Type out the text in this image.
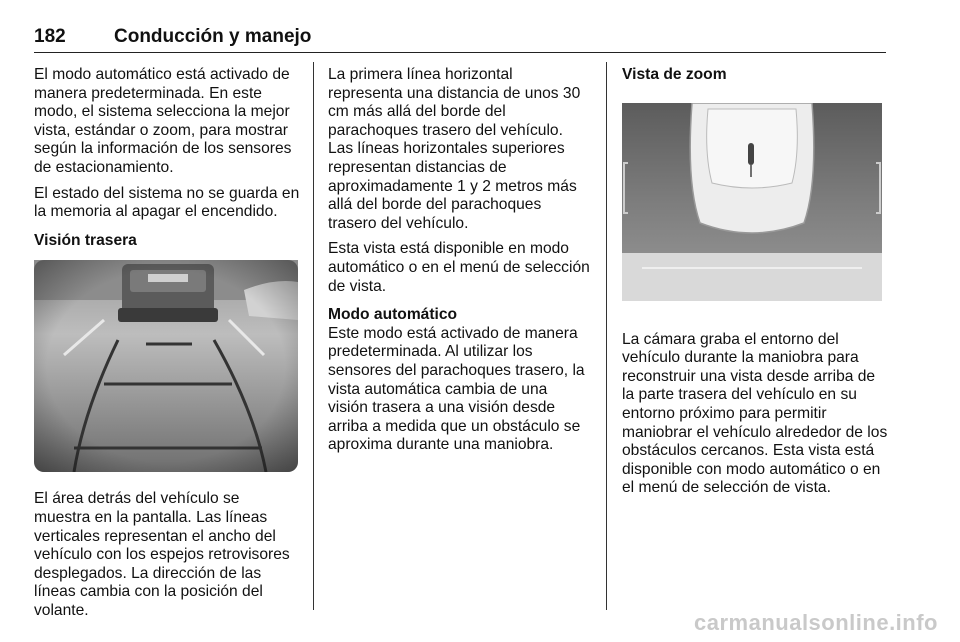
182	Conducción y manejo

El modo automático está activado de manera predeterminada. En este modo, el sistema selecciona la mejor vista, estándar o zoom, para mostrar según la información de los sensores de estacionamiento.

El estado del sistema no se guarda en la memoria al apagar el encendido.

Visión trasera

El área detrás del vehículo se muestra en la pantalla. Las líneas verticales representan el ancho del vehículo con los espejos retrovisores desplegados. La dirección de las líneas cambia con la posición del volante.

La primera línea horizontal representa una distancia de unos 30 cm más allá del borde del parachoques trasero del vehículo. Las líneas horizontales superiores representan distancias de aproximadamente 1 y 2 metros más allá del borde del parachoques trasero del vehículo.

Esta vista está disponible en modo automático o en el menú de selección de vista.

Modo automático

Este modo está activado de manera predeterminada. Al utilizar los sensores del parachoques trasero, la vista automática cambia de una visión trasera a una visión desde arriba a medida que un obstáculo se aproxima durante una maniobra.

Vista de zoom

La cámara graba el entorno del vehículo durante la maniobra para reconstruir una vista desde arriba de la parte trasera del vehículo en su entorno próximo para permitir maniobrar el vehículo alrededor de los obstáculos cercanos. Esta vista está disponible con modo automático o en el menú de selección de vista.

carmanualsonline.info
